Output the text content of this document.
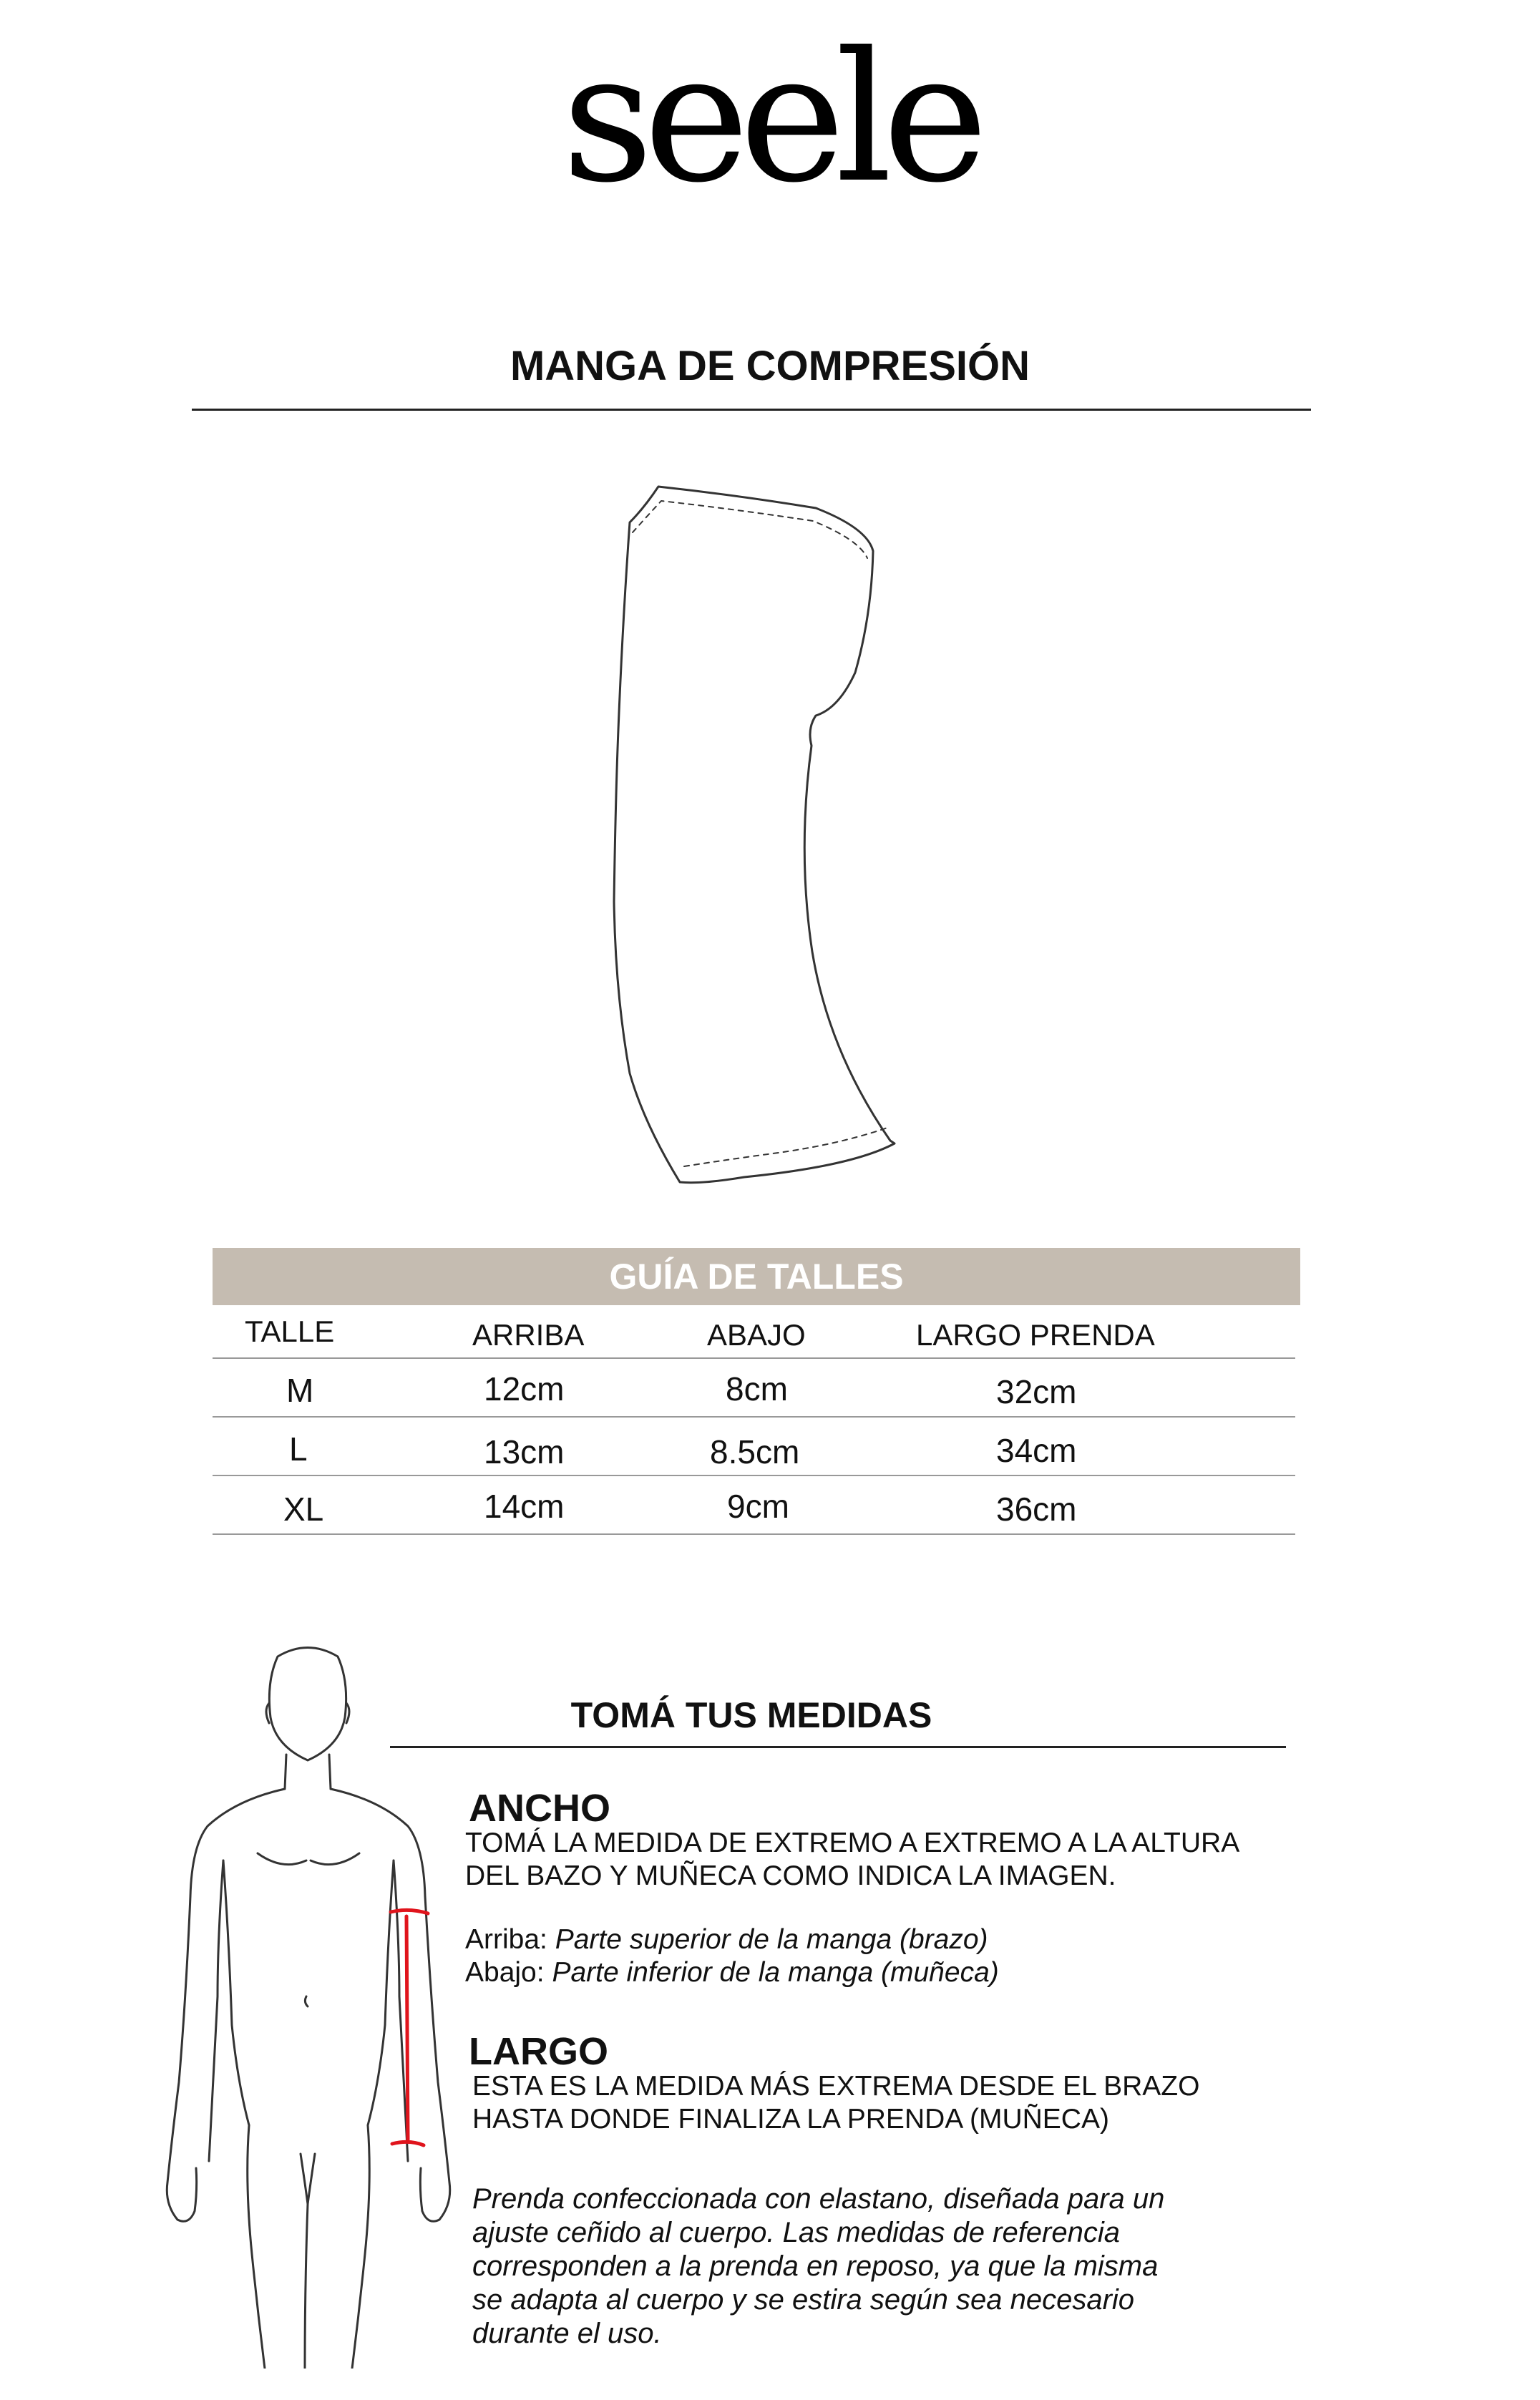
seele
MANGA DE COMPRESIÓN
GUÍA DE TALLES
TALLE	ARRIBA	ABAJO	LARGO PRENDA
M	12cm	8cm	32cm
L	13cm	8.5cm	34cm
XL	14cm	9cm	36cm
TOMÁ TUS MEDIDAS
ANCHO
TOMÁ LA MEDIDA DE EXTREMO A EXTREMO A LA ALTURA
DEL BAZO Y MUÑECA COMO INDICA LA IMAGEN.
Arriba: Parte superior de la manga (brazo)
Abajo: Parte inferior de la manga (muñeca)
LARGO
ESTA ES LA MEDIDA MÁS EXTREMA DESDE EL BRAZO
HASTA DONDE FINALIZA LA PRENDA (MUÑECA)
Prenda confeccionada con elastano, diseñada para un
ajuste ceñido al cuerpo. Las medidas de referencia
corresponden a la prenda en reposo, ya que la misma
se adapta al cuerpo y se estira según sea necesario
durante el uso.
